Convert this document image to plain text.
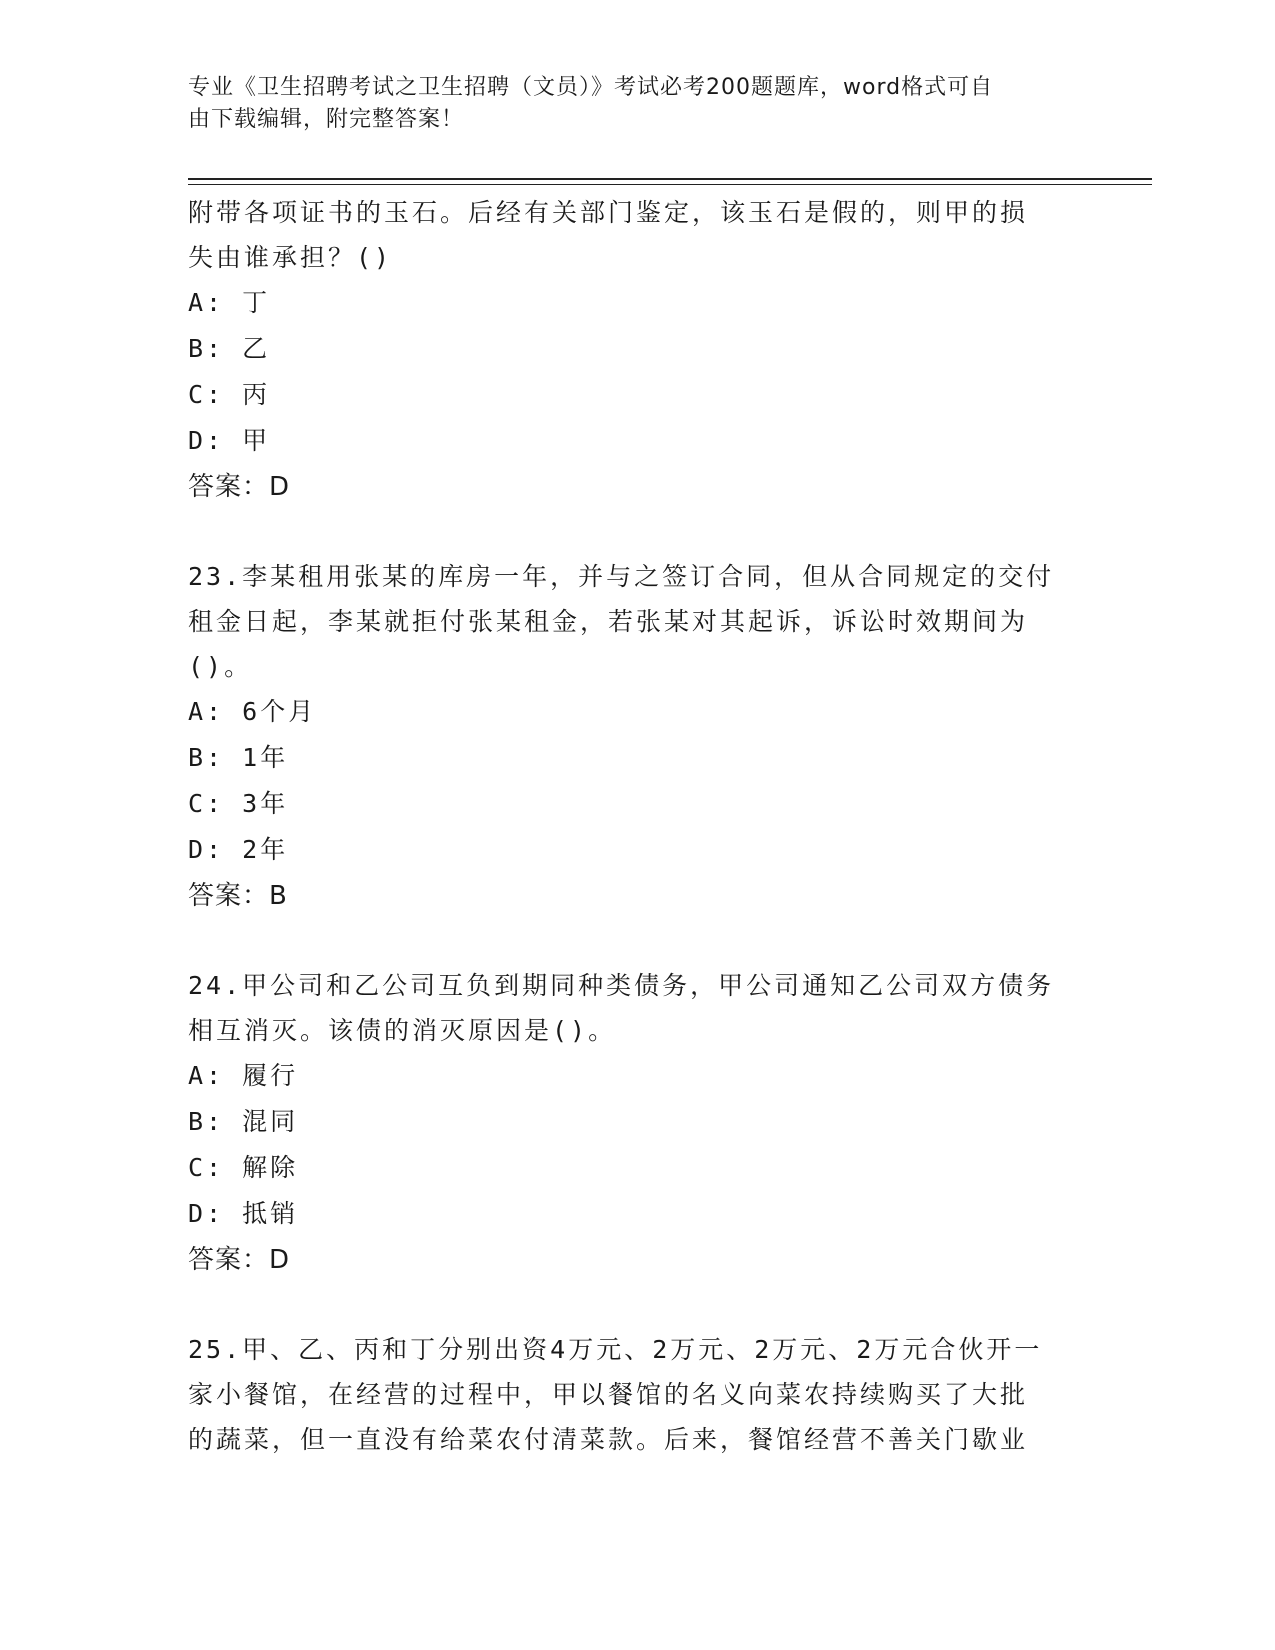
专业《卫生招聘考试之卫生招聘（文员）》考试必考200题题库，word格式可自
由下载编辑，附完整答案！
附带各项证书的玉石。后经有关部门鉴定，该玉石是假的，则甲的损
失由谁承担？()
A: 丁
B: 乙
C: 丙
D: 甲
答案：D
23.李某租用张某的库房一年，并与之签订合同，但从合同规定的交付
租金日起，李某就拒付张某租金，若张某对其起诉，诉讼时效期间为
()。
A: 6个月
B: 1年
C: 3年
D: 2年
答案：B
24.甲公司和乙公司互负到期同种类债务，甲公司通知乙公司双方债务
相互消灭。该债的消灭原因是()。
A: 履行
B: 混同
C: 解除
D: 抵销
答案：D
25.甲、乙、丙和丁分别出资4万元、2万元、2万元、2万元合伙开一
家小餐馆，在经营的过程中，甲以餐馆的名义向菜农持续购买了大批
的蔬菜，但一直没有给菜农付清菜款。后来，餐馆经营不善关门歇业
